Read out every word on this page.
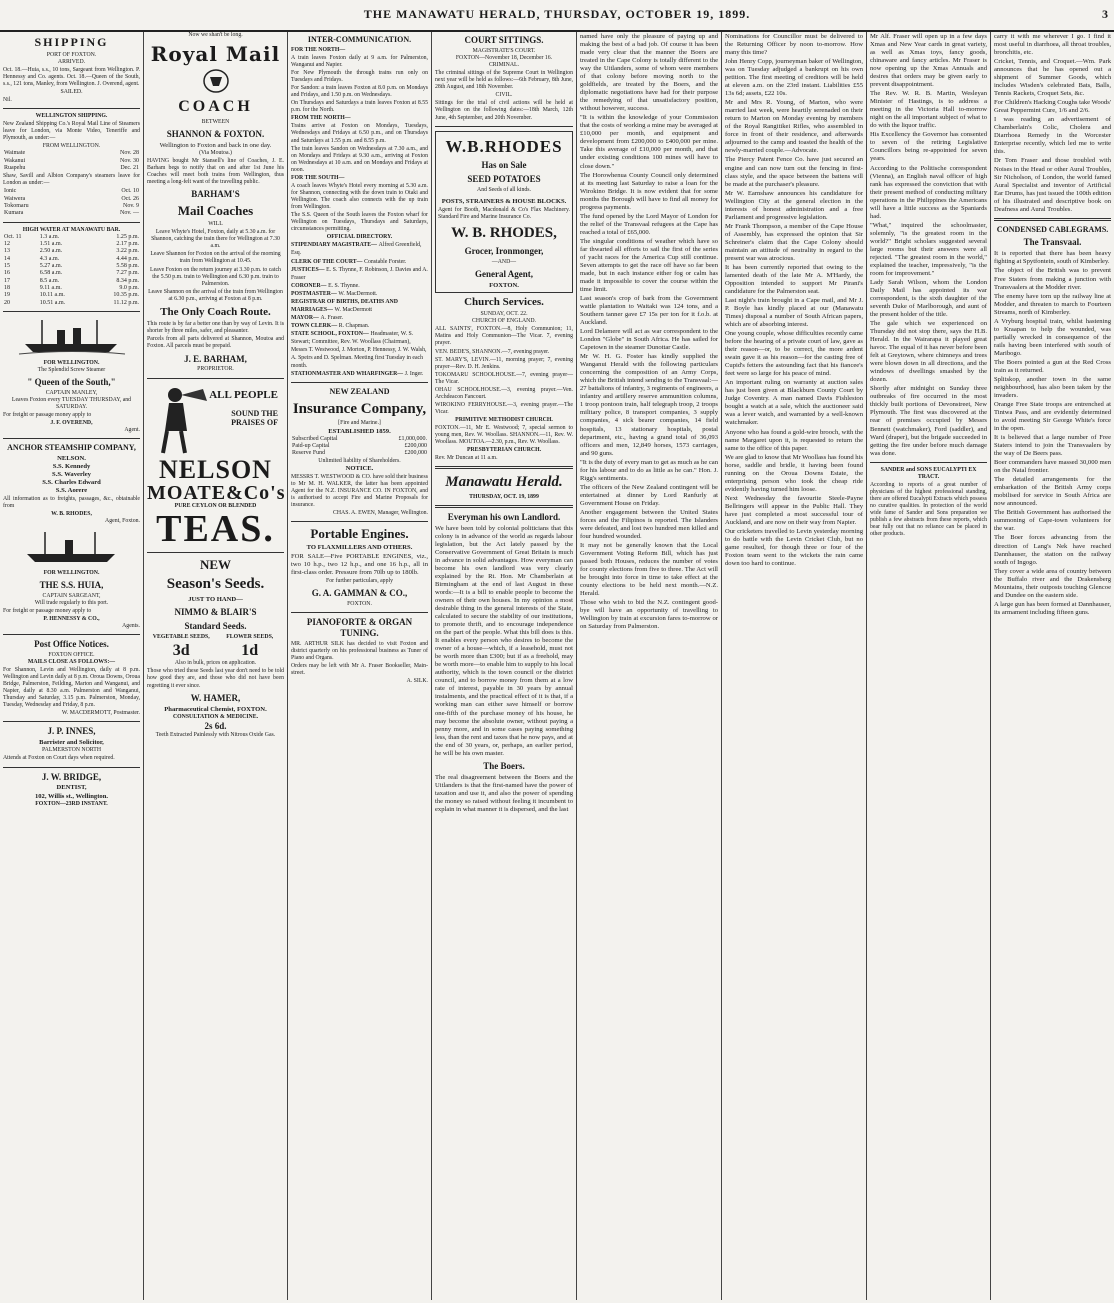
THE MANAWATU HERALD, THURSDAY, OCTOBER 19, 1899.	3
SHIPPING
PORT OF FOXTON.
ARRIVED.

Oct. 18.—Huia, s.s., 10 tons, Sargeant from Wellington. P. Hennessy and Co. agents. Oct. 18.—Queen of the South, s.s., 121 tons, Manley, from Wellington. J. Overend, agent.

SAILED.

Nil.

WELLINGTON SHIPPING.

New Zealand Shipping Co.'s Royal Mail Line of Steamers leave for London, via Monte Video, Teneriffe and Plymouth, as under:—

FROM WELLINGTON.
Waimate	Nov. 28
Wakanui	Nov. 30
Ruapehu	Dec. 21

Shaw, Savill and Albion Company's steamers leave for London as under:—

Ionic	Oct. 10
Waiwera	Oct. 26
Tokomaru	Nov. 9
Kumara	Nov. —
HIGH WATER AT MANAWATU BAR.
Oct. 11	1.3 a.m.	1.25 p.m.
12	1.51 a.m.	2.17 p.m.
13	2.50 a.m.	3.22 p.m.
14	4.3 a.m.	4.44 p.m.
15	5.27 a.m.	5.58 p.m.
16	6.58 a.m.	7.27 p.m.
17	8.5 a.m.	8.34 p.m.
18	9.11 a.m.	9.0 p.m.
19	10.11 a.m.	10.35 p.m.
20	10.51 a.m.	11.12 p.m.
FOR WELLINGTON.
The Splendid Screw Steamer
" Queen of the South,"
CAPTAIN MANLEY,
Leaves Foxton every TUESDAY THURSDAY, and SATURDAY.

For freight or passage money apply to

J. F. OVEREND,
Agent.
ANCHOR STEAMSHIP COMPANY,
NELSON.
S.S. Kennedy
S.S. Waverley
S.S. Charles Edward
S.S. Aorere

All information as to freights, passages, &c., obtainable from

W. B. RHODES,
Agent, Foxton.
FOR WELLINGTON.
THE S.S. HUIA,
CAPTAIN SARGEANT,
Will trade regularly to this port.

For freight or passage money apply to

P. HENNESSY & CO.,
Agents.
Post Office Notices.
FOXTON OFFICE.
MAILS CLOSE AS FOLLOWS:—

For Shannon, Levin and Wellington, daily at 8 p.m. Wellington and Levin daily at 8 p.m. Oroua Downs, Oroua Bridge, Palmerston, Feilding, Marton and Wanganui, and Napier, daily at 8.30 a.m. Palmerston and Wanganui, Thursday and Saturday, 3.15 p.m. Palmerston, Monday, Tuesday, Wednesday and Friday, 8 p.m.

W. MACDERMOTT, Postmaster.
J. P. INNES,
Barrister and Solicitor,
PALMERSTON NORTH

Attends at Foxton on Court days when required.

J. W. BRIDGE,
DENTIST,
102, Willis st., Wellington.
FOXTON—23RD INSTANT.
Now we shan't be long.
Royal Mail
COACH
BETWEEN
SHANNON & FOXTON.
Wellington to Foxton and back in one day.
(Via Moutoa.)

HAVING bought Mr Stansell's line of Coaches, J. E. Barham begs to notify that on and after 1st June his Coaches will meet both trains from Wellington, thus meeting a long-felt want of the travelling public.

BARHAM'S
Mail Coaches
WILL

Leave Whyte's Hotel, Foxton, daily at 5.30 a.m. for Shannon, catching the train there for Wellington at 7.30 a.m.

Leave Shannon for Foxton on the arrival of the morning train from Wellington at 10.45.

Leave Foxton on the return journey at 3.30 p.m. to catch the 5.50 p.m. train to Wellington and 6.30 p.m. train to Palmerston.

Leave Shannon on the arrival of the train from Wellington at 6.30 p.m., arriving at Foxton at 8 p.m.

The Only Coach Route.

This route is by far a better one than by way of Levin. It is shorter by three miles, safer, and pleasanter.

Parcels from all parts delivered at Shannon, Moutoa and Foxton. All parcels must be prepaid.

J. E. BARHAM,
PROPRIETOR.
ALL PEOPLE
SOUND THE PRAISES OF
NELSON
MOATE&Co's
PURE CEYLON OR BLENDED
TEAS.
NEW
Season's Seeds.
JUST TO HAND—
NIMMO & BLAIR'S
Standard Seeds.
VEGETABLE SEEDS,
3d
FLOWER SEEDS,
1d
Also in bulk, prices on application.

Those who tried these Seeds last year don't need to be told how good they are, and those who did not have been regretting it ever since.

W. HAMER,
Pharmaceutical Chemist, FOXTON.
CONSULTATION & MEDICINE.
2s 6d.
Teeth Extracted Painlessly with Nitrous Oxide Gas.
INTER-COMMUNICATION.
FOR THE NORTH—

A train leaves Foxton daily at 9 a.m. for Palmerston, Wanganui and Napier.

For New Plymouth the through trains run only on Tuesdays and Fridays.

For Sandon: a train leaves Foxton at 8.0 p.m. on Mondays and Fridays, and 1.50 p.m. on Wednesdays.

On Thursdays and Saturdays a train leaves Foxton at 8.55 p.m. for the North.

FROM THE NORTH—

Trains arrive at Foxton on Mondays, Tuesdays, Wednesdays and Fridays at 6.50 p.m., and on Thursdays and Saturdays at 1.55 p.m. and 8.55 p.m.

The train leaves Sandon on Wednesdays at 7.30 a.m., and on Mondays and Fridays at 9.30 a.m., arriving at Foxton on Wednesdays at 10 a.m. and on Mondays and Fridays at noon.

FOR THE SOUTH—

A coach leaves Whyte's Hotel every morning at 5.30 a.m. for Shannon, connecting with the down train to Otaki and Wellington. The coach also connects with the up train from Wellington.

The S.S. Queen of the South leaves the Foxton wharf for Wellington on Tuesdays, Thursdays and Saturdays, circumstances permitting.

OFFICIAL DIRECTORY.
STIPENDIARY MAGISTRATE— Alfred Greenfield, Esq.
CLERK OF THE COURT— Constable Forster.
JUSTICES— E. S. Thynne, F. Robinson, J. Davies and A. Fraser
CORONER— E. S. Thynne.
POSTMASTER— W. MacDermott.
REGISTRAR OF BIRTHS, DEATHS AND MARRIAGES— W. MacDermott
MAYOR— A. Fraser.
TOWN CLERK— R. Chapman.
STATE SCHOOL, FOXTON— Headmaster, W. S. Stewart; Committee, Rev. W. Woollass (Chairman), Messrs T. Westwood, J. Morton, P. Hennessy, J. W. Walsh, A. Speirs and D. Spelman. Meeting first Tuesday in each month.
STATIONMASTER AND WHARFINGER— J. Inger.
NEW ZEALAND
Insurance Company,
[Fire and Marine.]
ESTABLISHED 1859.
Subscribed Capital	£1,000,000.
Paid-up Capital	£200,000
Reserve Fund	£200,000
Unlimited liability of Shareholders.
NOTICE.

MESSRS T. WESTWOOD & CO. have sold their business to Mr M. H. WALKER, the latter has been appointed Agent for the N.Z. INSURANCE CO. IN FOXTON, and is authorised to accept Fire and Marine Proposals for insurance.

CHAS. A. EWEN, Manager, Wellington.
Portable Engines.
TO FLAXMILLERS AND OTHERS.

FOR SALE—Five PORTABLE ENGINES, viz., two 10 h.p., two 12 h.p., and one 16 h.p., all in first-class order. Pressure from 70lb up to 180lb.

For further particulars, apply
G. A. GAMMAN & CO.,
FOXTON.
PIANOFORTE & ORGAN TUNING.

MR. ARTHUR SILK has decided to visit Foxton and district quarterly on his professional business as Tuner of Piano and Organs.

Orders may be left with Mr A. Fraser Bookseller, Main-street.

A. SILK.
COURT SITTINGS.
MAGISTRATE'S COURT.
FOXTON—November 18, December 16.
CRIMINAL.

The criminal sittings of the Supreme Court in Wellington next year will be held as follows:—6th February, 8th June, 28th August, and 18th November.

CIVIL.

Sittings for the trial of civil actions will be held at Wellington on the following dates:—18th March, 12th June, 4th September, and 20th November.

W.B.RHODES
Has on Sale
SEED POTATOES
And Seeds of all kinds.
POSTS, STRAINERS & HOUSE BLOCKS.

Agent for Booth, Macdonald & Co's Flax Machinery. Standard Fire and Marine Insurance Co.

W. B. RHODES,
Grocer, Ironmonger,
—AND—
General Agent,
FOXTON.
Church Services.
SUNDAY, OCT. 22.
CHURCH OF ENGLAND.

ALL SAINTS', FOXTON.—8, Holy Communion; 11, Matins and Holy Communion—The Vicar. 7, evening prayer.

VEN. BEDE'S, SHANNON.—7, evening prayer.

ST. MARY'S, LEVIN.—11, morning prayer; 7, evening prayer—Rev. D. H. Jenkins.

TOKOMARU SCHOOLHOUSE.—7, evening prayer—The Vicar.

OHAU SCHOOLHOUSE.—3, evening prayer.—Ven. Archdeacon Fancourt.

WIROKINO FERRYHOUSE.—3, evening prayer.—The Vicar.

PRIMITIVE METHODIST CHURCH.

FOXTON.—11, Mr E. Westwood; 7, special sermon to young men, Rev. W. Woollass. SHANNON.—11, Rev. W. Woollass. MOUTOA.—2.30, p.m., Rev. W. Woollass.

PRESBYTERIAN CHURCH.

Rev. Mr Duncan at 11 a.m.

Manawatu Herald.
THURSDAY, OCT. 19, 1899
Everyman his own Landlord.

We have been told by colonial politicians that this colony is in advance of the world as regards labour legislation, but the Act lately passed by the Conservative Government of Great Britain is much in advance in solid advantages. How everyman can become his own landlord was very clearly explained by the Rt. Hon. Mr Chamberlain at Birmingham at the end of last August in these words:—It is a bill to enable people to become the owners of their own houses. In my opinion a most desirable thing in the general interests of the State, calculated to secure the stability of our institutions, to promote thrift, and to encourage independence on the part of the people. What this bill does is this. It enables every person who desires to become the owner of a house—which, if a leasehold, must not be worth more than £300; but if as a freehold, may be worth more—to enable him to supply to his local authority, which is the town council or the district council, and to borrow money from them at a low rate of interest, payable in 30 years by annual instalments, and the practical effect of it is that, if a working man can either save himself or borrow one-fifth of the purchase money of his house, he may become the absolute owner, without paying a penny more, and in some cases paying something less, than the rent and taxes that he now pays, and at the end of 30 years, or, perhaps, an earlier period, he will be his own master.

The Boers.

The real disagreement between the Boers and the Uitlanders is that the first-named have the power of taxation and use it, and also the power of spending the money so raised without feeling it incumbent to explain in what manner it is dispersed, and the last

named have only the pleasure of paying up and making the best of a bad job. Of course it has been made very clear that the manner the Boers are treated in the Cape Colony is totally different to the way the Uitlanders, some of whom were members of that colony before moving north to the goldfields, are treated by the Boers, and the diplomatic negotiations have had for their purpose the remedying of that unsatisfactory position, without however, success.

"It is within the knowledge of your Commission that the costs of working a mine may be averaged at £10,000 per month, and equipment and development from £200,000 to £400,000 per mine. Take this average of £10,000 per month, and that under existing conditions 100 mines will have to close down."

The Horowhenua County Council only determined at its meeting last Saturday to raise a loan for the Wirokino Bridge. It is now evident that for some months the Borough will have to find all money for progress payments.

The fund opened by the Lord Mayor of London for the relief of the Transvaal refugees at the Cape has reached a total of £65,000.

The singular conditions of weather which have so far thwarted all efforts to sail the first of the series of yacht races for the America Cup still continue. Seven attempts to get the race off have so far been made, but in each instance either fog or calm has made it impossible to cover the course within the time limit.

Last season's crop of bark from the Government wattle plantation to Waitaki was 124 tons, and a Southern tanner gave £7 15s per ton for it f.o.b. at Auckland.

Lord Delamere will act as war correspondent to the London "Globe" in South Africa. He has sailed for Capetown in the steamer Dunottar Castle.

Mr W. H. G. Foster has kindly supplied the Wanganui Herald with the following particulars concerning the composition of an Army Corps, which the British intend sending to the Transvaal:—27 battalions of infantry, 3 regiments of engineers, a infantry and artillery reserve ammunition columns, 1 troop pontoon train, half telegraph troop, 2 troops military police, 8 transport companies, 3 supply companies, 4 sick bearer companies, 14 field hospitals, 13 stationary hospitals, postal department, etc., having a grand total of 36,093 officers and men, 12,849 horses, 1573 carriages, and 90 guns.

"It is the duty of every man to get as much as he can for his labour and to do as little as he can." Hon. J. Rigg's sentiments.

The officers of the New Zealand contingent will be entertained at dinner by Lord Ranfurly at Government House on Friday.

Another engagement between the United States forces and the Filipinos is reported. The Islanders were defeated, and lost two hundred men killed and four hundred wounded.

It may not be generally known that the Local Government Voting Reform Bill, which has just passed both Houses, reduces the number of votes for county elections from five to three. The Act will be brought into force in time to take effect at the county elections to be held next month.—N.Z. Herald.

Those who wish to bid the N.Z. contingent good-bye will have an opportunity of travelling to Wellington by train at excursion fares to-morrow or on Saturday from Palmerston.

Nominations for Councillor must be delivered to the Returning Officer by noon to-morrow. How many this time?

John Henry Copp, journeyman baker of Wellington, was on Tuesday adjudged a bankrupt on his own petition. The first meeting of creditors will be held at eleven a.m. on the 23rd instant. Liabilities £55 13s 6d; assets, £22 10s.

Mr and Mrs R. Young, of Marton, who were married last week, were heartily serenaded on their return to Marton on Monday evening by members of the Royal Rangitikei Rifles, who assembled in force in front of their residence, and afterwards adjourned to the camp and toasted the health of the newly-married couple.—Advocate.

The Piercy Patent Fence Co. have just secured an engine and can now turn out the fencing in first-class style, and the space between the battens will be made at the purchaser's pleasure.

Mr W. Earnshaw announces his candidature for Wellington City at the general election in the interests of honest administration and a free Parliament and progressive legislation.

Mr Frank Thompson, a member of the Cape House of Assembly, has expressed the opinion that Sir Schreiner's claim that the Cape Colony should maintain an attitude of neutrality in regard to the present war was atrocious.

It has been currently reported that owing to the lamented death of the late Mr A. M'Hardy, the Opposition intended to support Mr Pirani's candidature for the Palmerston seat.

Last night's train brought in a Cape mail, and Mr J. P. Boyle has kindly placed at our (Manawatu Times) disposal a number of South African papers, which are of absorbing interest.

One young couple, whose difficulties recently came before the hearing of a private court of law, gave as their reason—or, to be correct, the more ardent swain gave it as his reason—for the casting free of Cupid's fetters the astounding fact that his fiancee's feet were so large for his peace of mind.

An important ruling on warranty at auction sales has just been given at Blackburn County Court by Judge Coventry. A man named Davis Fishleston bought a watch at a sale, which the auctioneer said was a lever watch, and warranted by a well-known watchmaker.

Anyone who has found a gold-wire brooch, with the name Margaret upon it, is requested to return the same to the office of this paper.

We are glad to know that Mr Woollass has found his horse, saddle and bridle, it having been found running on the Oroua Downs Estate, the enterprising person who took the cheap ride evidently having turned him loose.

Next Wednesday the favourite Steele-Payne Bellringers will appear in the Public Hall. They have just completed a most successful tour of Auckland, and are now on their way from Napier.

Our cricketers travelled to Levin yesterday morning to do battle with the Levin Cricket Club, but no game resulted, for though three or four of the Foxton team went to the wickets the rain came down too hard to continue.

Mr Alf. Fraser will open up in a few days Xmas and New Year cards in great variety, as well as Xmas toys, fancy goods, chinaware and fancy articles. Mr Fraser is now opening up the Xmas Annuals and desires that orders may be given early to prevent disappointment.

The Rev. W. R. B. Martin, Wesleyan Minister of Hastings, is to address a meeting in the Victoria Hall to-morrow night on the all important subject of what to do with the liquor traffic.

His Excellency the Governor has consented to seven of the retiring Legislative Councillors being re-appointed for seven years.

According to the Politische correspondent (Vienna), an English naval officer of high rank has expressed the conviction that with their present method of conducting military operations in the Philippines the Americans will have a little success as the Spaniards had.

"What," inquired the schoolmaster, solemnly, "is the greatest room in the world?" Bright scholars suggested several large rooms but their answers were all rejected. "The greatest room in the world," explained the teacher, impressively, "is the room for improvement."

Lady Sarah Wilson, whom the London Daily Mail has appointed its war correspondent, is the sixth daughter of the seventh Duke of Marlborough, and aunt of the present holder of the title.

The gale which we experienced on Thursday did not stop there, says the H.B. Herald. In the Wairarapa it played great havoc. The equal of it has never before been felt at Greytown, where chimneys and trees were blown down in all directions, and the windows of dwellings smashed by the dozen.

Shortly after midnight on Sunday three outbreaks of fire occurred in the most thickly built portions of Devonstreet, New Plymouth. The first was discovered at the rear of premises occupied by Messrs Bennett (watchmaker), Ford (saddler), and Ward (draper), but the brigade succeeded in getting the fire under before much damage was done.

SANDER and SONS EUCALYPTI EX TRACT.

According to reports of a great number of physicians of the highest professional standing, there are offered Eucalypti Extracts which possess no curative qualities. In protection of the world wide fame of Sander and Sons preparation we publish a few abstracts from these reports, which bear fully out that no reliance can be placed in other products.

carry it with me wherever I go. I find it most useful in diarrhoea, all throat troubles, bronchitis, etc.

Cricket, Tennis, and Croquet.—Wm. Park announces that he has opened out a shipment of Summer Goods, which includes Wisden's celebrated Bats, Balls, Tennis Rackets, Croquet Sets, &c.

For Children's Hacking Coughs take Woods' Great Peppermint Cure, 1/6 and 2/6.

I was reading an advertisement of Chamberlain's Colic, Cholera and Diarrhoea Remedy in the Worcester Enterprise recently, which led me to write this.

Dr Tom Fraser and those troubled with Noises in the Head or other Aural Troubles, Sir Nicholson, of London, the world famed Aural Specialist and inventor of Artificial Ear Drums, has just issued the 100th edition of his illustrated and descriptive book on Deafness and Aural Troubles.

CONDENSED CABLEGRAMS.
The Transvaal.

It is reported that there has been heavy fighting at Spytfontein, south of Kimberley.

The object of the British was to prevent Free Staters from making a junction with Transvaalers at the Modder river.

The enemy have torn up the railway line at Modder, and threaten to march to Fourteen Streams, north of Kimberley.

A Vryburg hospital train, whilst hastening to Kraapan to help the wounded, was partially wrecked in consequence of the rails having been interfered with south of Maribogo.

The Boers pointed a gun at the Red Cross train as it returned.

Splitskop, another town in the same neighbourhood, has also been taken by the invaders.

Orange Free State troops are entrenched at Tintwa Pass, and are evidently determined to avoid meeting Sir George White's force in the open.

It is believed that a large number of Free Staters intend to join the Transvaalers by the way of De Beers pass.

Boer commanders have massed 30,000 men on the Natal frontier.

The detailed arrangements for the embarkation of the British Army corps mobilised for service in South Africa are now announced.

The British Government has authorised the summoning of Cape-town volunteers for the war.

The Boer forces advancing from the direction of Lang's Nek have reached Dannhauser, the station on the railway south of Ingogo.

They cover a wide area of country between the Buffalo river and the Drakensberg Mountains, their outposts touching Glencoe and Dundee on the eastern side.

A large gun has been formed at Dannhauser, its armament including fifteen guns.
